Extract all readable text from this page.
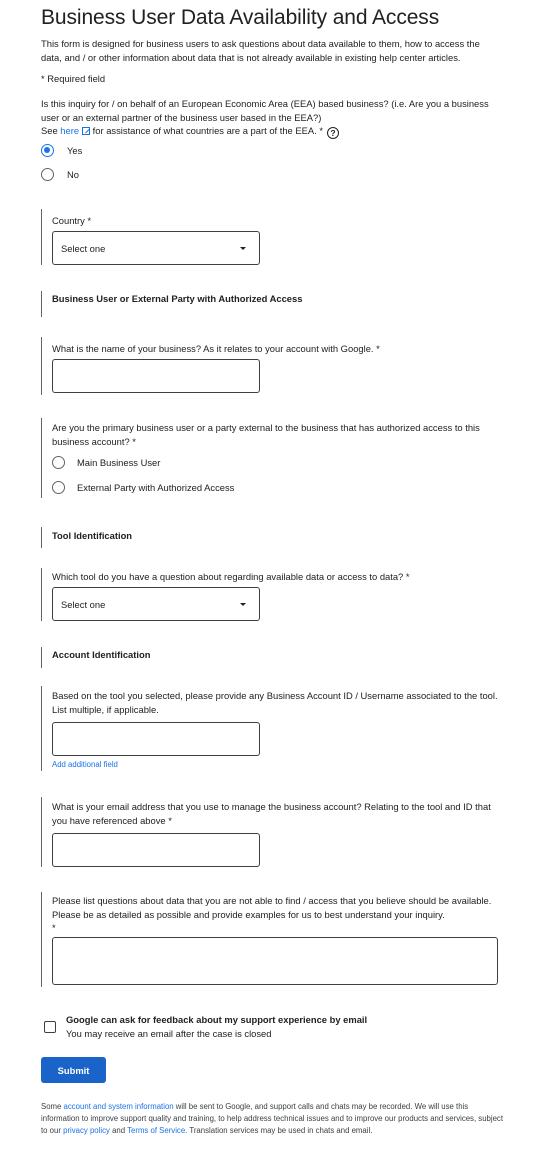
Business User Data Availability and Access
This form is designed for business users to ask questions about data available to them, how to access the data, and / or other information about data that is not already available in existing help center articles.
* Required field
Is this inquiry for / on behalf of an European Economic Area (EEA) based business? (i.e. Are you a business user or an external partner of the business user based in the EEA?)
See here for assistance of what countries are a part of the EEA. * ?
Yes
No
Country *
Select one
Business User or External Party with Authorized Access
What is the name of your business? As it relates to your account with Google. *
Are you the primary business user or a party external to the business that has authorized access to this business account? *
Main Business User
External Party with Authorized Access
Tool Identification
Which tool do you have a question about regarding available data or access to data? *
Select one
Account Identification
Based on the tool you selected, please provide any Business Account ID / Username associated to the tool. List multiple, if applicable.
Add additional field
What is your email address that you use to manage the business account? Relating to the tool and ID that you have referenced above *
Please list questions about data that you are not able to find / access that you believe should be available. Please be as detailed as possible and provide examples for us to best understand your inquiry.
*
Google can ask for feedback about my support experience by email
You may receive an email after the case is closed
Submit
Some account and system information will be sent to Google, and support calls and chats may be recorded. We will use this information to improve support quality and training, to help address technical issues and to improve our products and services, subject to our privacy policy and Terms of Service. Translation services may be used in chats and email.
